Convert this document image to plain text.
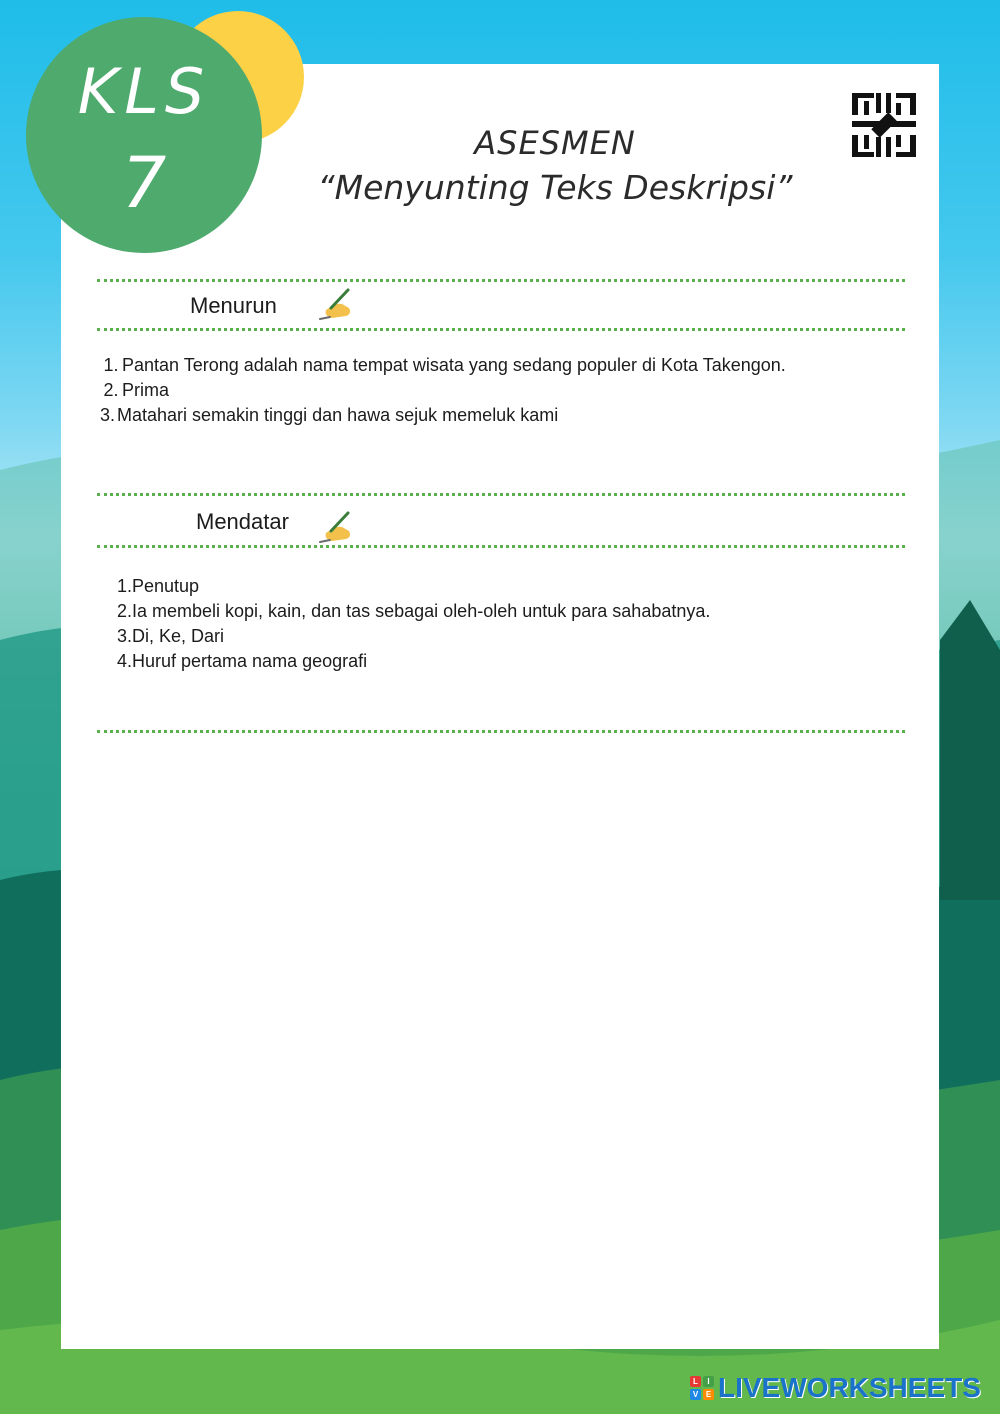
KLS
7	ASESMEN
“Menyunting Teks Deskripsi”
Menurun
1. Pantan Terong adalah nama tempat wisata yang sedang populer di Kota Takengon.
2. Prima
3. Matahari semakin tinggi dan hawa sejuk memeluk kami
Mendatar
1.Penutup
2.Ia membeli kopi, kain, dan tas sebagai oleh-oleh untuk para sahabatnya.
3.Di, Ke, Dari
4.Huruf pertama nama geografi
L	I
V E LIVEWORKSHEETS
